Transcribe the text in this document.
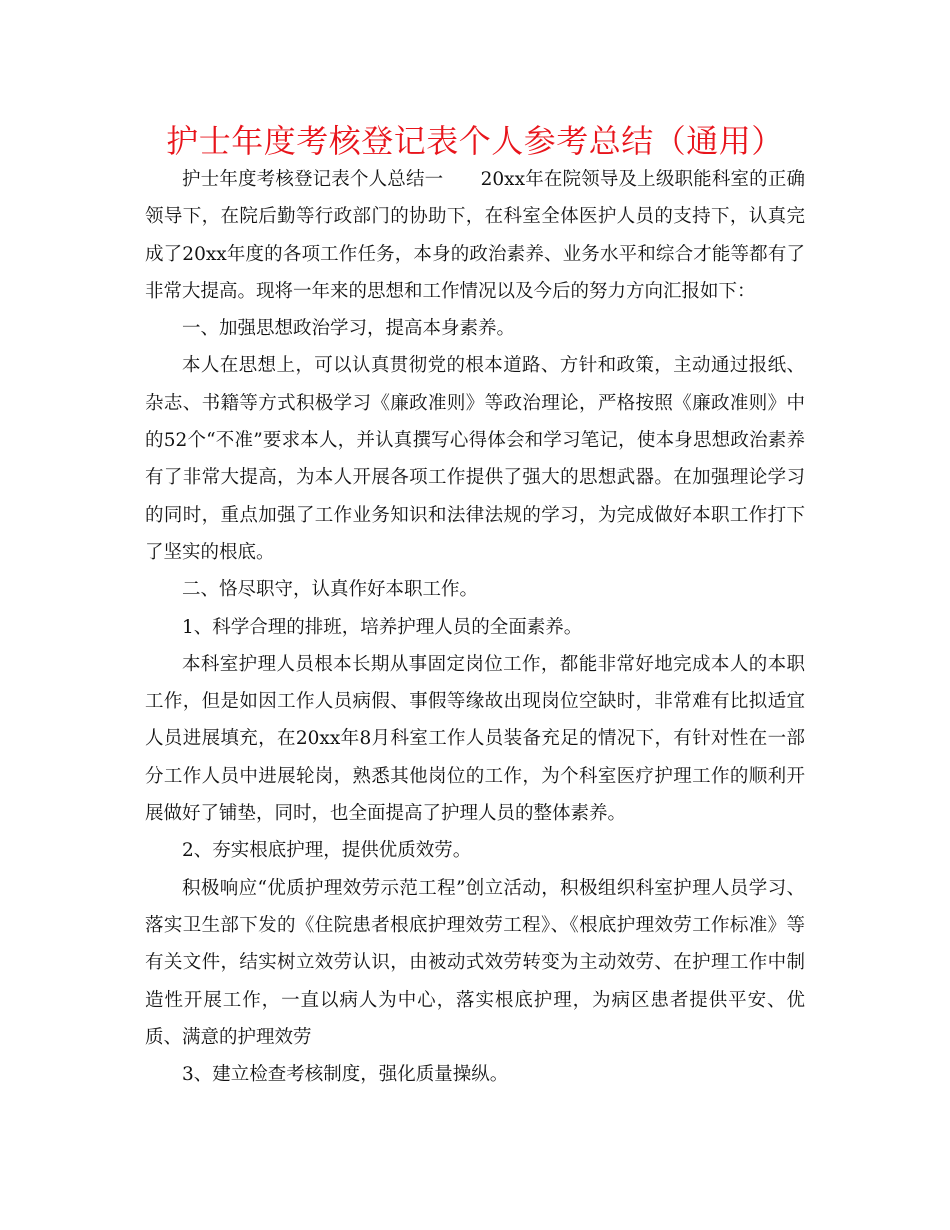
护士年度考核登记表个人参考总结（通用）

护士年度考核登记表个人总结一　　20xx年在院领导及上级职能科室的正确领导下，在院后勤等行政部门的协助下，在科室全体医护人员的支持下，认真完成了20xx年度的各项工作任务，本身的政治素养、业务水平和综合才能等都有了非常大提高。现将一年来的思想和工作情况以及今后的努力方向汇报如下：

一、加强思想政治学习，提高本身素养。

本人在思想上，可以认真贯彻党的根本道路、方针和政策，主动通过报纸、杂志、书籍等方式积极学习《廉政准则》等政治理论，严格按照《廉政准则》中的52个“不准”要求本人，并认真撰写心得体会和学习笔记，使本身思想政治素养有了非常大提高，为本人开展各项工作提供了强大的思想武器。在加强理论学习的同时，重点加强了工作业务知识和法律法规的学习，为完成做好本职工作打下了坚实的根底。

二、恪尽职守，认真作好本职工作。

1、科学合理的排班，培养护理人员的全面素养。

本科室护理人员根本长期从事固定岗位工作，都能非常好地完成本人的本职工作，但是如因工作人员病假、事假等缘故出现岗位空缺时，非常难有比拟适宜人员进展填充，在20xx年8月科室工作人员装备充足的情况下，有针对性在一部分工作人员中进展轮岗，熟悉其他岗位的工作，为个科室医疗护理工作的顺利开展做好了铺垫，同时，也全面提高了护理人员的整体素养。

2、夯实根底护理，提供优质效劳。

积极响应“优质护理效劳示范工程”创立活动，积极组织科室护理人员学习、落实卫生部下发的《住院患者根底护理效劳工程》、《根底护理效劳工作标准》等有关文件，结实树立效劳认识，由被动式效劳转变为主动效劳、在护理工作中制造性开展工作，一直以病人为中心，落实根底护理，为病区患者提供平安、优质、满意的护理效劳

3、建立检查考核制度，强化质量操纵。
